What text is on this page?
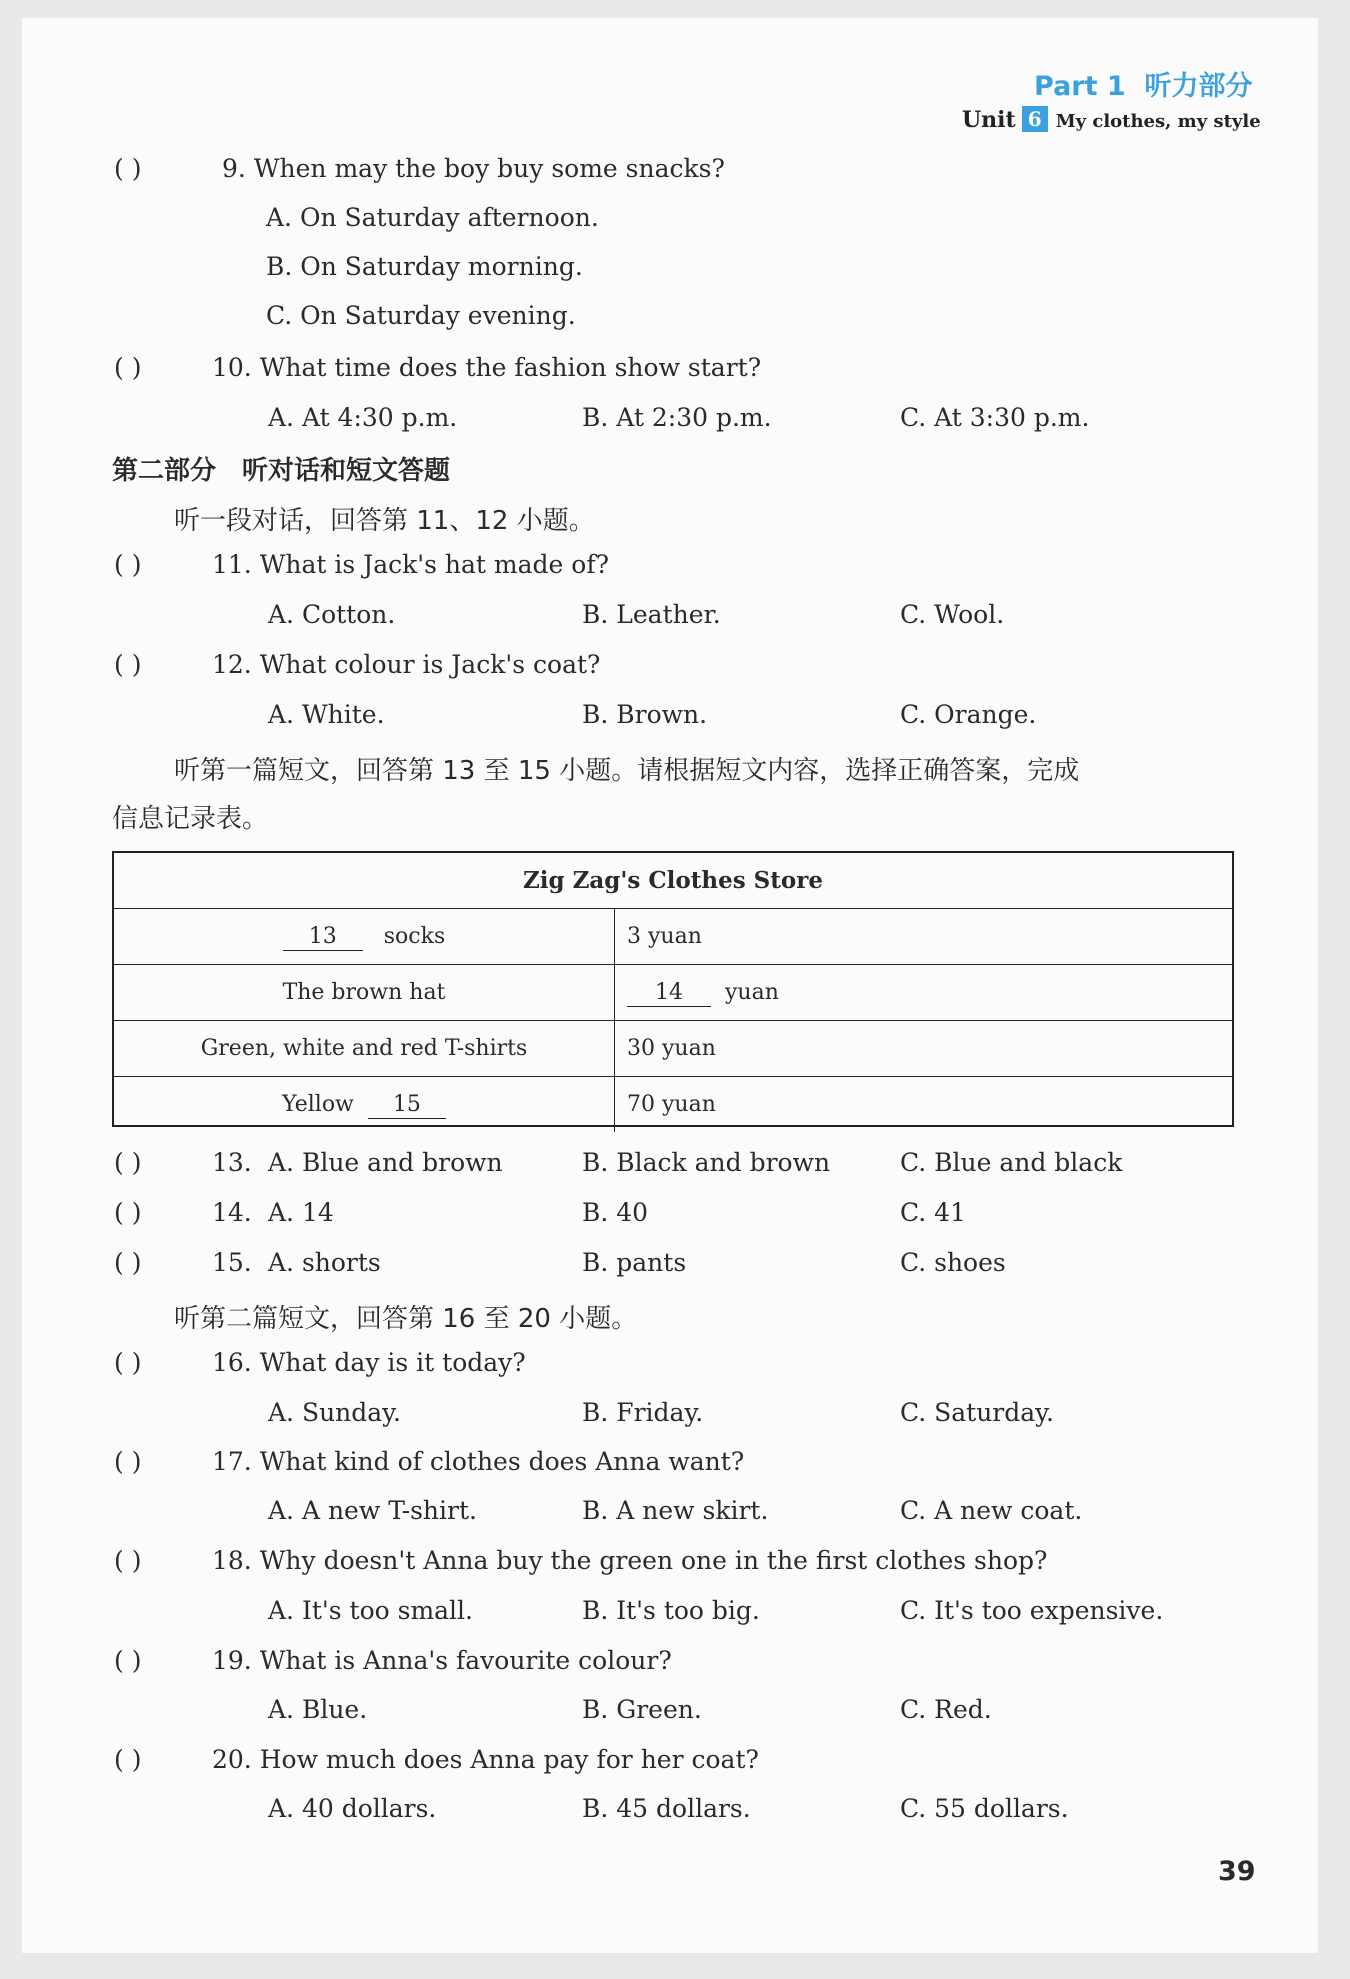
Part 1 听力部分
Unit 6 My clothes, my style
( )	9. When may the boy buy some snacks?
A. On Saturday afternoon.
B. On Saturday morning.
C. On Saturday evening.
( )	10. What time does the fashion show start?
A. At 4:30 p.m.	B. At 2:30 p.m.	C. At 3:30 p.m.
第二部分　听对话和短文答题
听一段对话，回答第 11、12 小题。
( )	11. What is Jack's hat made of?
A. Cotton.	B. Leather.	C. Wool.
( )	12. What colour is Jack's coat?
A. White.	B. Brown.	C. Orange.
听第一篇短文，回答第 13 至 15 小题。请根据短文内容，选择正确答案，完成
信息记录表。
Zig Zag's Clothes Store
13 socks	3 yuan
The brown hat	14 yuan
Green, white and red T-shirts	30 yuan
Yellow 15	70 yuan
( )	13. A. Blue and brown	B. Black and brown	C. Blue and black
( )	14. A. 14	B. 40	C. 41
( )	15. A. shorts	B. pants	C. shoes
听第二篇短文，回答第 16 至 20 小题。
( )	16. What day is it today?
A. Sunday.	B. Friday.	C. Saturday.
( )	17. What kind of clothes does Anna want?
A. A new T-shirt.	B. A new skirt.	C. A new coat.
( )	18. Why doesn't Anna buy the green one in the first clothes shop?
A. It's too small.	B. It's too big.	C. It's too expensive.
( )	19. What is Anna's favourite colour?
A. Blue.	B. Green.	C. Red.
( )	20. How much does Anna pay for her coat?
A. 40 dollars.	B. 45 dollars.	C. 55 dollars.
39
